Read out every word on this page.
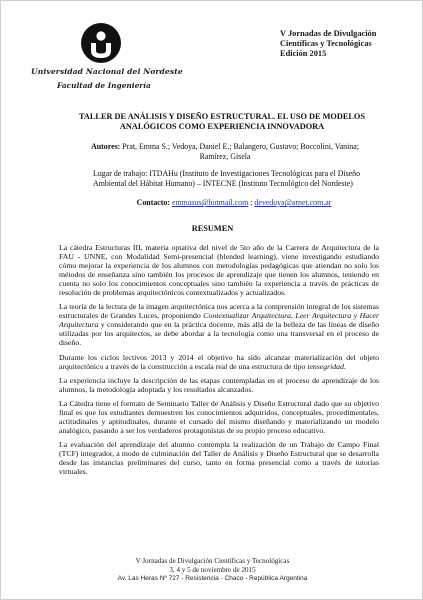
Universidad Nacional del Nordeste
Facultad de Ingeniería
V Jornadas de Divulgación
Científicas y Tecnológicas
Edición 2015
TALLER DE ANÁLISIS Y DISEÑO ESTRUCTURAL. EL USO DE MODELOS
ANALÓGICOS COMO EXPERIENCIA INNOVADORA
Autores: Prat, Emma S.; Vedoya, Daniel E.; Balangero, Gustavo; Boccolini, Vanina;
Ramírez, Gisela
Lugar de trabajo: ITDAHu (Instituto de Investigaciones Tecnológicas para el Diseño
Ambiental del Hábitat Humano) – INTECNE (Instituto Tecnológico del Nordeste)
Contacto: emmasus@hotmail.com ; devedoya@arnet.com.ar
RESUMEN

La cátedra Estructuras III, materia optativa del nivel de 5to año de la Carrera de Arquitectura de la FAU - UNNE, con Modalidad Semi-presencial (blended learning), viene investigando estudiando cómo mejorar la experiencia de los alumnos con metodologías pedagógicas que atiendan no solo los métodos de enseñanza sino también los procesos de aprendizaje que tienen los alumnos, teniendo en cuenta no solo los conocimientos conceptuales sino también la experiencia a través de prácticas de resolución de problemas arquitectónicos contextualizados y actualizados.

La teoría de la lectura de la imagen arquitectónica nos acerca a la comprensión integral de los sistemas estructurales de Grandes Luces, proponiendo Contextualizar Arquitectura, Leer Arquitectura y Hacer Arquitectura y considerando que en la práctica docente, más allá de la belleza de las líneas de diseño utilizadas por los arquitectos, se debe abordar a la tecnología como una transversal en el proceso de diseño.

Durante los ciclos lectivos 2013 y 2014 el objetivo ha sido alcanzar materialización del objeto arquitectónico a través de la construcción a escala real de una estructura de tipo tensegridad.

La experiencia incluye la descripción de las etapas contempladas en el proceso de aprendizaje de los alumnos, la metodología adoptada y los resultados alcanzados.

La Cátedra tiene el formato de Seminario Taller de Análisis y Diseño Estructural dado que su objetivo final es que los estudiantes demuestren los conocimientos adquiridos, conceptuales, procedimentales, actitudinales y aptitudinales, durante el cursado del mismo diseñando y materializando un modelo analógico, pasando a ser los verdaderos protagonistas de su propio proceso educativo.

La evaluación del aprendizaje del alumno contempla la realización de un Trabajo de Campo Final (TCF) integrador, a modo de culminación del Taller de Análisis y Diseño Estructural que se desarrolla desde las instancias preliminares del curso, tanto en forma presencial como a través de tutorías virtuales.

V Jornadas de Divulgación Científicas y Tecnológicas
3, 4 y 5 de noviembre de 2015
Av. Las Heras Nº 727 - Resistencia - Chaco - República Argentina
